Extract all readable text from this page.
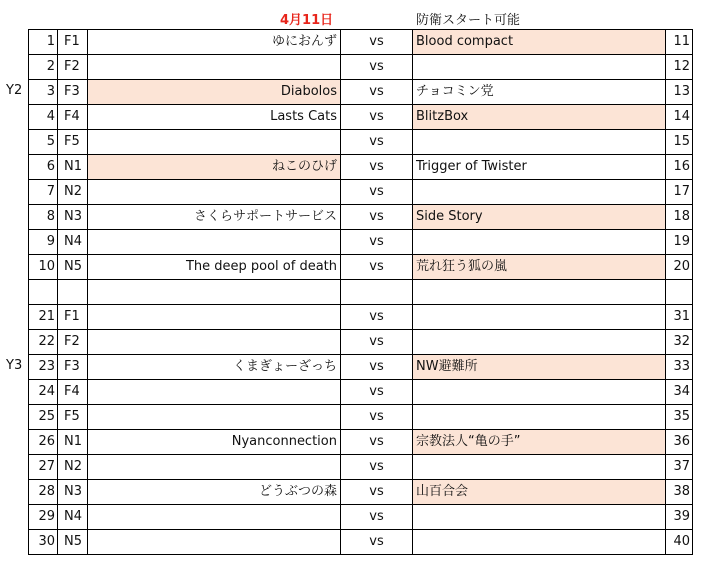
4月11日	防衛スタート可能
Y2
Y3
1 F1	ゆにおんず	vs	Blood compact	11
2 F2	vs	12
3 F3	Diabolos	vs	チョコミン党	13
4 F4	Lasts Cats	vs	BlitzBox	14
5 F5	vs	15
6 N1	ねこのひげ	vs	Trigger of Twister	16
7 N2	vs	17
8 N3	さくらサポートサービス	vs	Side Story	18
9 N4	vs	19
10 N5	The deep pool of death	vs	荒れ狂う狐の嵐	20
21 F1	vs	31
22 F2	vs	32
23 F3	くまぎょーざっち	vs	NW避難所	33
24 F4	vs	34
25 F5	vs	35
26 N1	Nyanconnection	vs	宗教法人“亀の手”	36
27 N2	vs	37
28 N3	どうぶつの森	vs	山百合会	38
29 N4	vs	39
30 N5	vs	40
